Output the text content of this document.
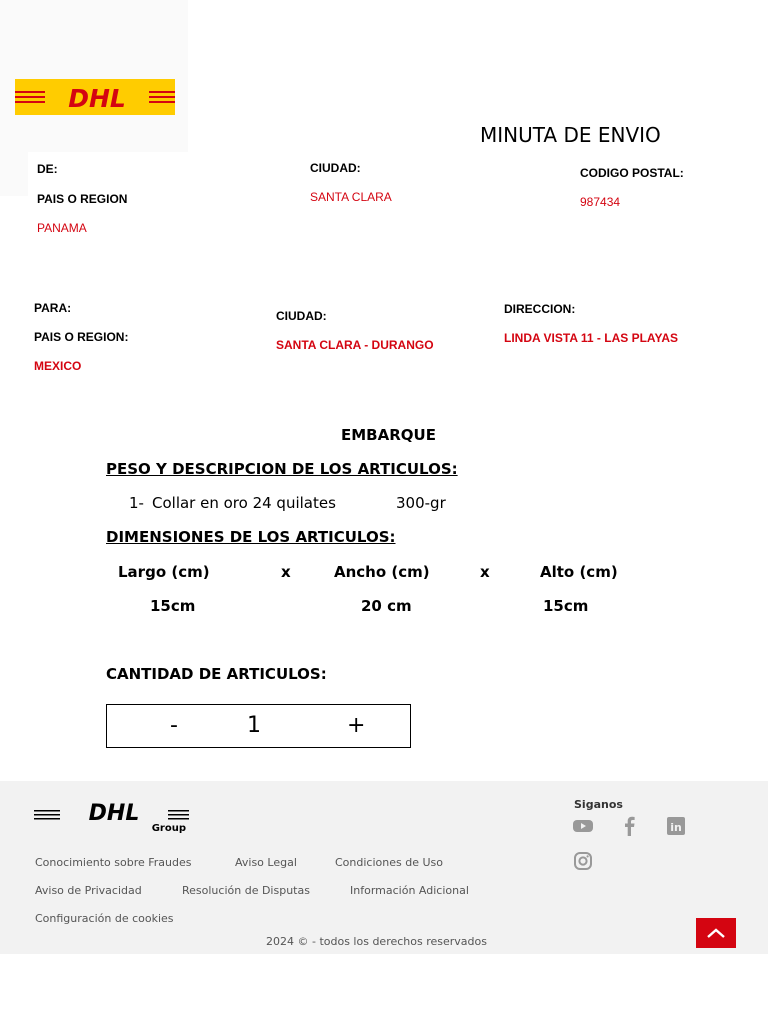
DHL
MINUTA DE ENVIO
DE:
PAIS O REGION
PANAMA
CIUDAD:
SANTA CLARA
CODIGO POSTAL:
987434
PARA:
PAIS O REGION:
MEXICO
CIUDAD:
SANTA CLARA - DURANGO
DIRECCION:
LINDA VISTA 11 - LAS PLAYAS
EMBARQUE
PESO Y DESCRIPCION DE LOS ARTICULOS:
1- Collar en oro 24 quilates	300-gr
DIMENSIONES DE LOS ARTICULOS:
Largo (cm)	x	Ancho (cm)	x	Alto (cm)
15cm	20 cm	15cm
CANTIDAD DE ARTICULOS:
-	1	+
DHL
Group
Conocimiento sobre Fraudes	Aviso Legal	Condiciones de Uso
Aviso de Privacidad	Resolución de Disputas	Información Adicional
Configuración de cookies
2024 © - todos los derechos reservados
Siganos
in
